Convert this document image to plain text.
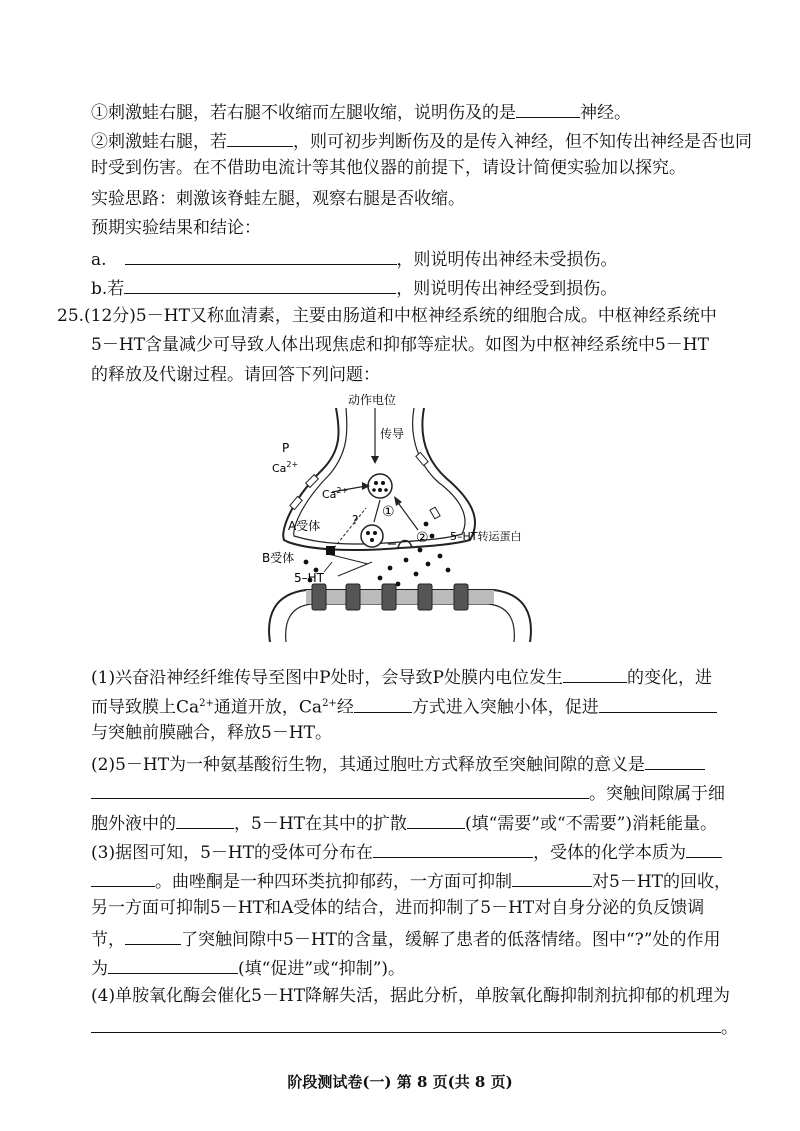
①刺激蛙右腿，若右腿不收缩而左腿收缩，说明伤及的是	神经。
②刺激蛙右腿，若	，则可初步判断伤及的是传入神经，但不知传出神经是否也同
时受到伤害。在不借助电流计等其他仪器的前提下，请设计简便实验加以探究。
实验思路：刺激该脊蛙左腿，观察右腿是否收缩。
预期实验结果和结论：
a.	，则说明传出神经未受损伤。
b.若	，则说明传出神经受到损伤。
25.(12分)5－HT又称血清素，主要由肠道和中枢神经系统的细胞合成。中枢神经系统中
5－HT含量减少可导致人体出现焦虑和抑郁等症状。如图为中枢神经系统中5－HT
的释放及代谢过程。请回答下列问题：
动作电位
传导
P
$Ca^{2+}$
$Ca^{2+}$
? ①
②
A受体
B受体
5–HT转运蛋白
5–HT
(1)兴奋沿神经纤维传导至图中P处时，会导致P处膜内电位发生	的变化，进
而导致膜上$Ca^{2+}$通道开放，$Ca^{2+}$经	方式进入突触小体，促进
与突触前膜融合，释放5－HT。
(2)5－HT为一种氨基酸衍生物，其通过胞吐方式释放至突触间隙的意义是
。突触间隙属于细
胞外液中的	，5－HT在其中的扩散	(填“需要”或“不需要”)消耗能量。
(3)据图可知，5－HT的受体可分布在	，受体的化学本质为
。曲唑酮是一种四环类抗抑郁药，一方面可抑制	对5－HT的回收，
另一方面可抑制5－HT和A受体的结合，进而抑制了5－HT对自身分泌的负反馈调
节，	了突触间隙中5－HT的含量，缓解了患者的低落情绪。图中“?”处的作用
为	(填“促进”或“抑制”)。
(4)单胺氧化酶会催化5－HT降解失活，据此分析，单胺氧化酶抑制剂抗抑郁的机理为
。
阶段测试卷(一) 第 8 页(共 8 页)
